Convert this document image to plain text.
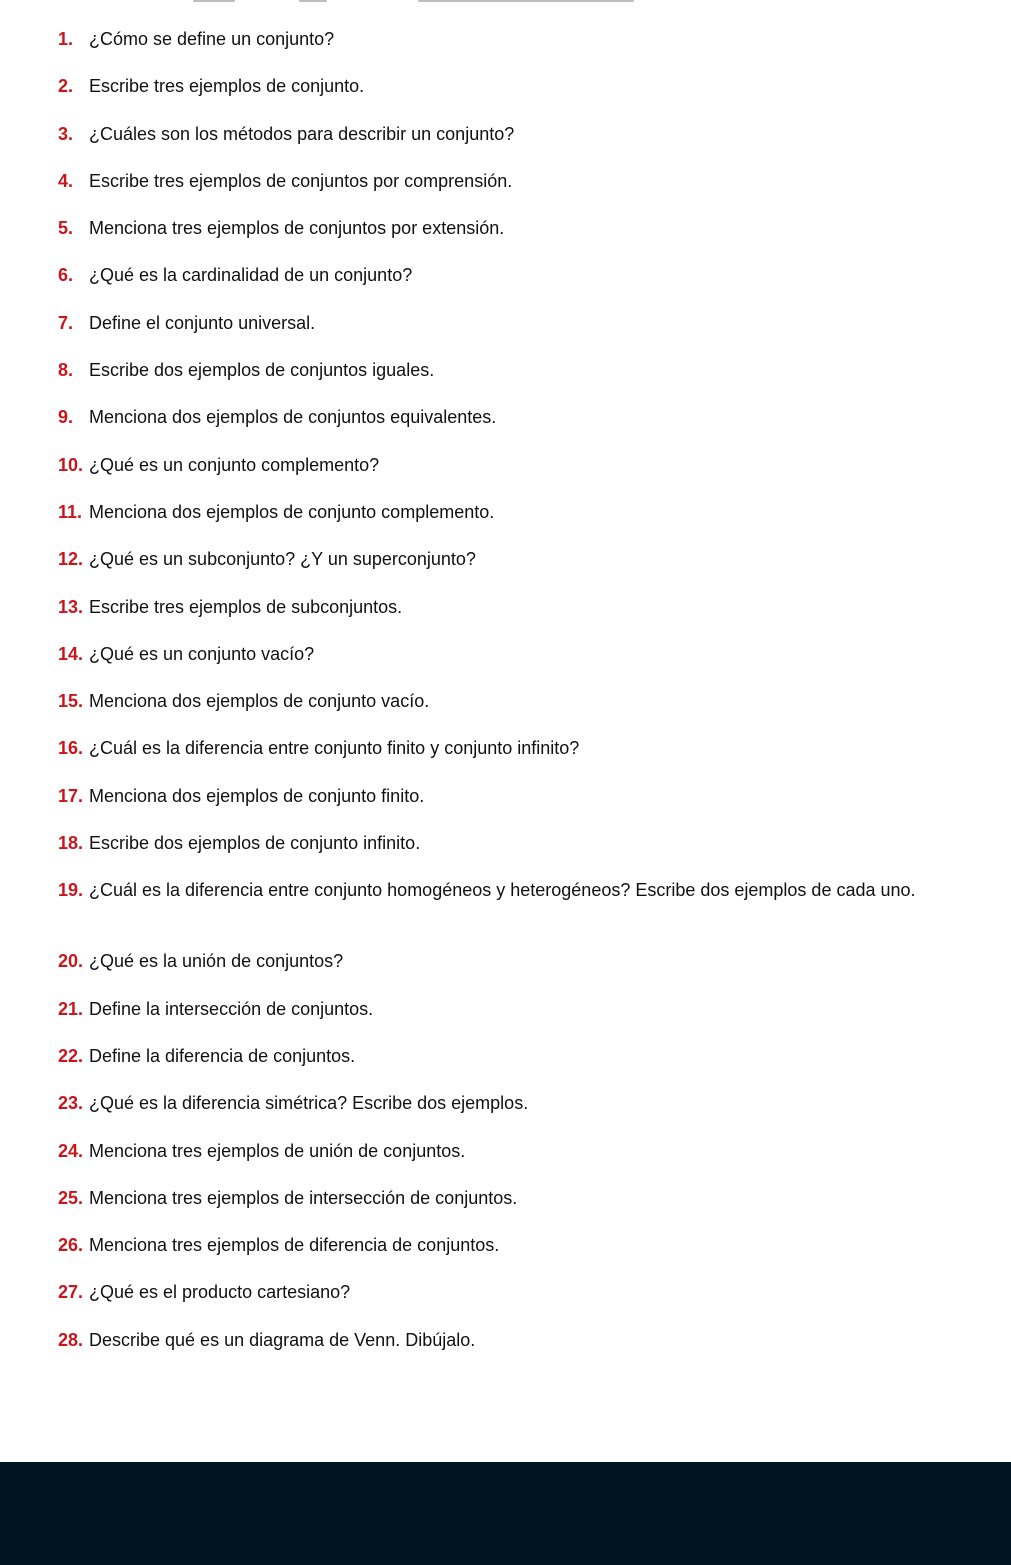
1. ¿Cómo se define un conjunto?
2. Escribe tres ejemplos de conjunto.
3. ¿Cuáles son los métodos para describir un conjunto?
4. Escribe tres ejemplos de conjuntos por comprensión.
5. Menciona tres ejemplos de conjuntos por extensión.
6. ¿Qué es la cardinalidad de un conjunto?
7. Define el conjunto universal.
8. Escribe dos ejemplos de conjuntos iguales.
9. Menciona dos ejemplos de conjuntos equivalentes.
10. ¿Qué es un conjunto complemento?
11. Menciona dos ejemplos de conjunto complemento.
12. ¿Qué es un subconjunto? ¿Y un superconjunto?
13. Escribe tres ejemplos de subconjuntos.
14. ¿Qué es un conjunto vacío?
15. Menciona dos ejemplos de conjunto vacío.
16. ¿Cuál es la diferencia entre conjunto finito y conjunto infinito?
17. Menciona dos ejemplos de conjunto finito.
18. Escribe dos ejemplos de conjunto infinito.
19. ¿Cuál es la diferencia entre conjunto homogéneos y heterogéneos? Escribe dos ejemplos de cada uno.
20. ¿Qué es la unión de conjuntos?
21. Define la intersección de conjuntos.
22. Define la diferencia de conjuntos.
23. ¿Qué es la diferencia simétrica? Escribe dos ejemplos.
24. Menciona tres ejemplos de unión de conjuntos.
25. Menciona tres ejemplos de intersección de conjuntos.
26. Menciona tres ejemplos de diferencia de conjuntos.
27. ¿Qué es el producto cartesiano?
28. Describe qué es un diagrama de Venn. Dibújalo.
